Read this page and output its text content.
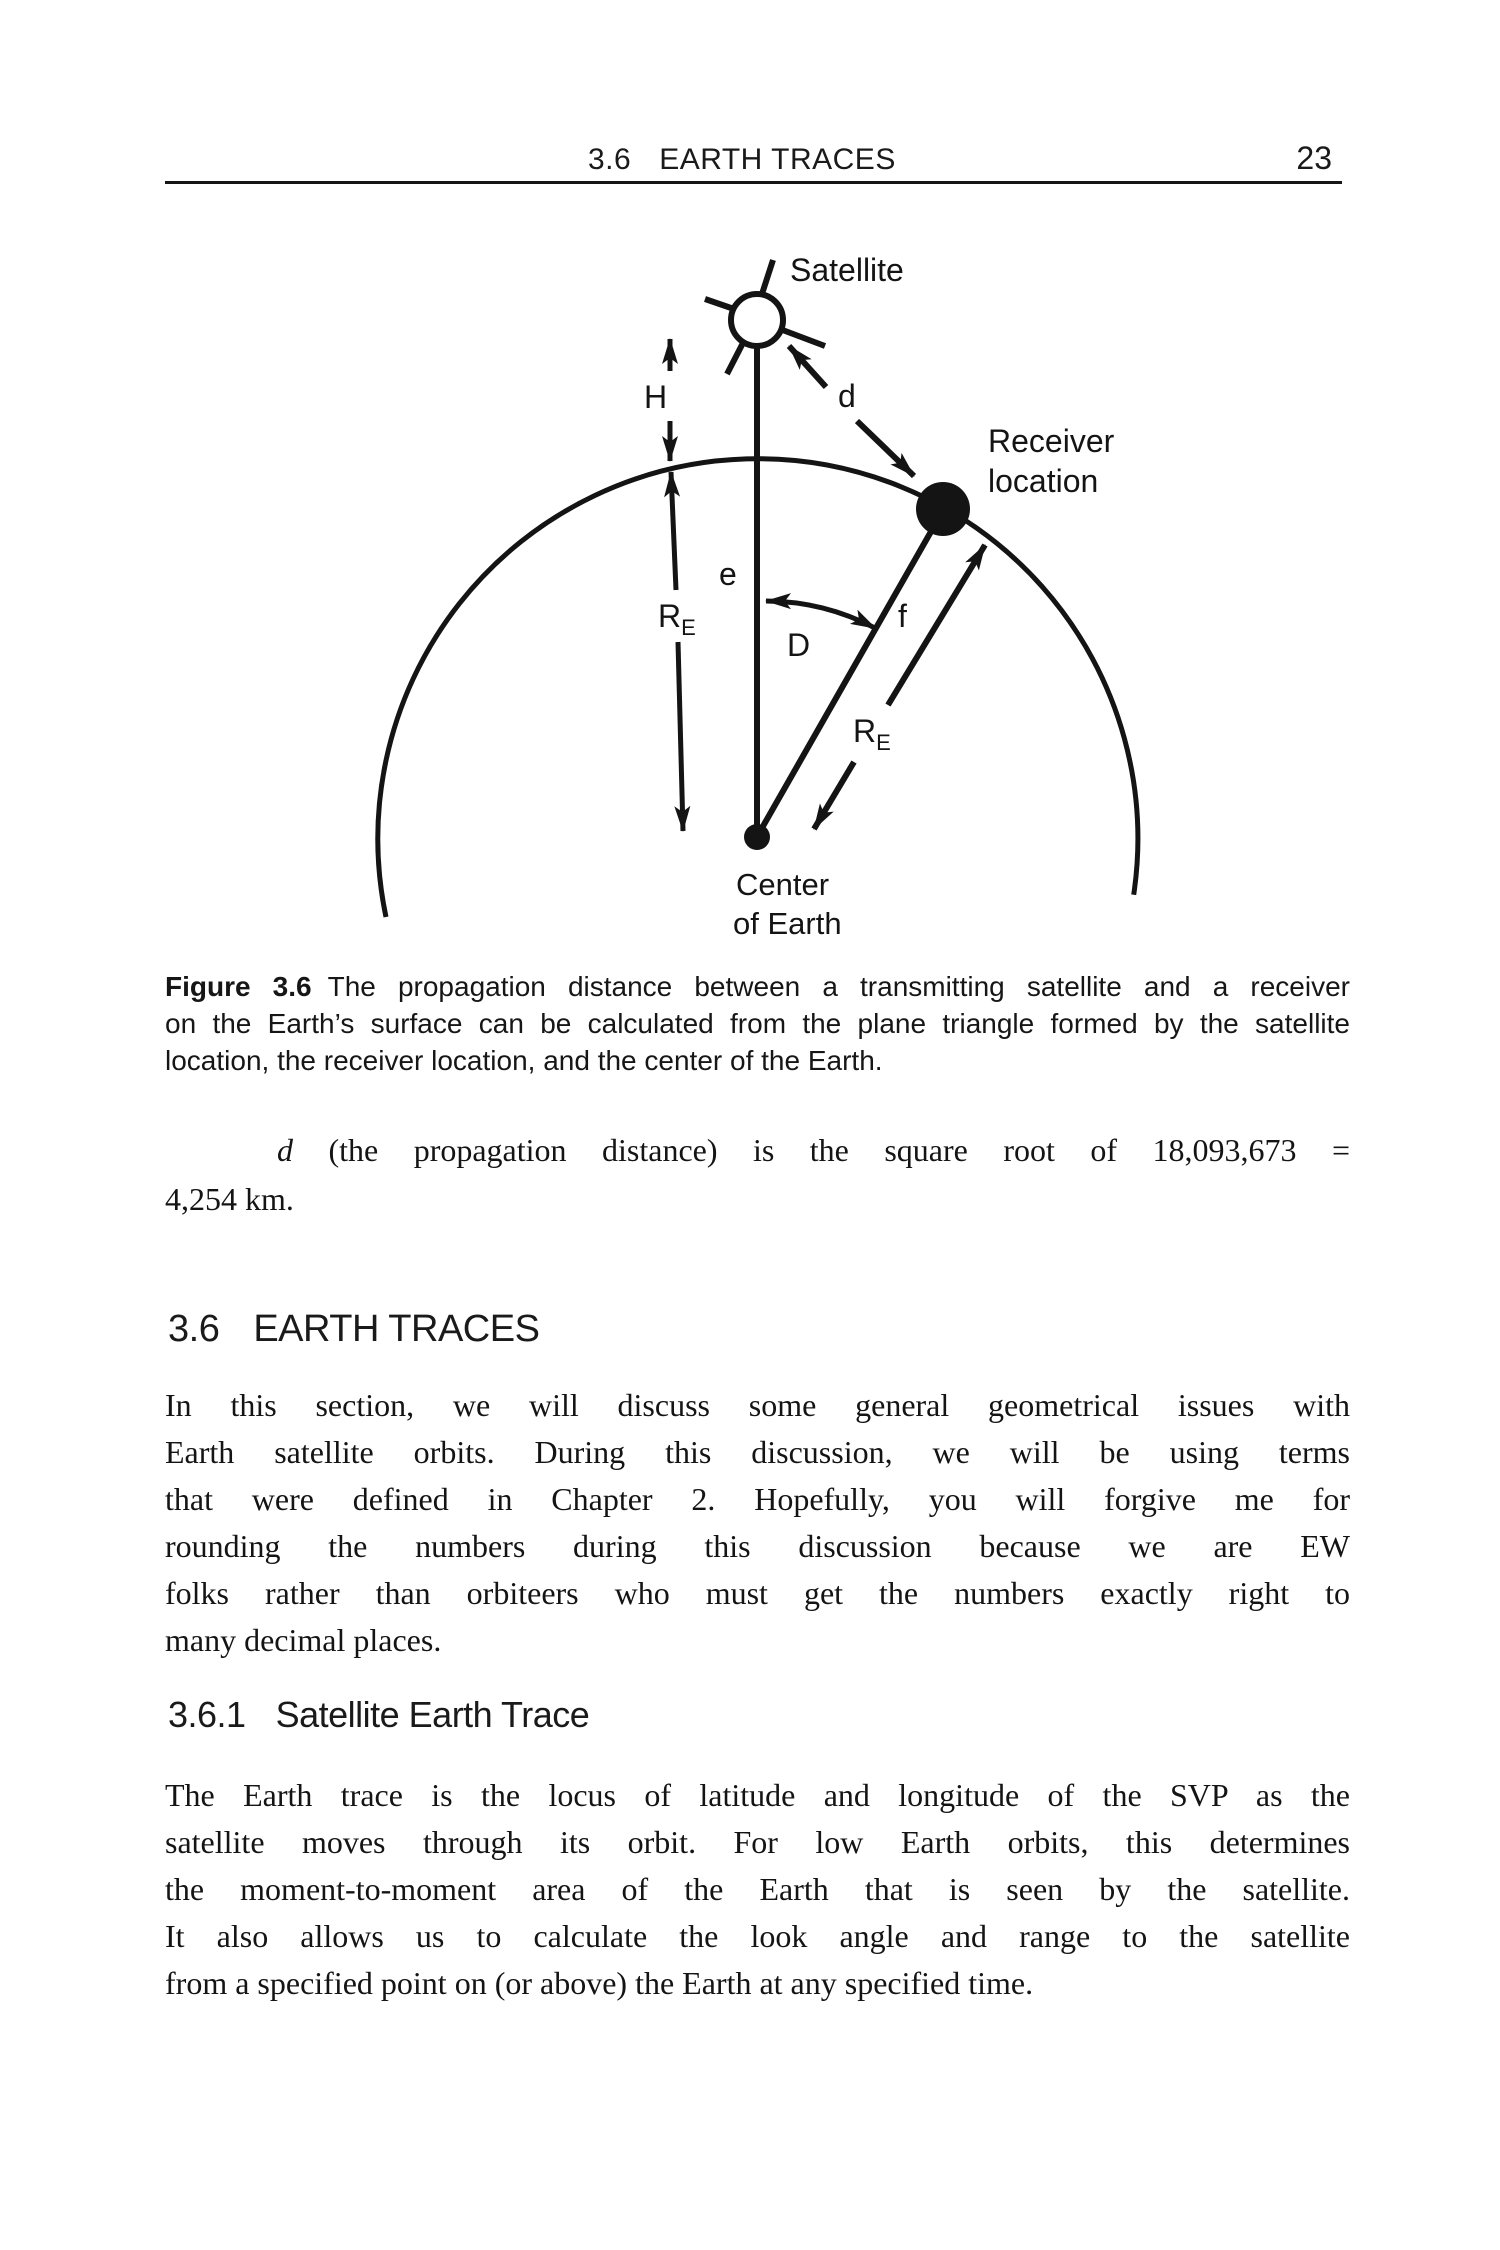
3.6 EARTH TRACES	23
Satellite
H	d
Receiver
location
e
$R_E$	D
f
$R_E$
Center
of Earth
Figure 3.6 The propagation distance between a transmitting satellite and a receiver
on the Earth’s surface can be calculated from the plane triangle formed by the satellite
location, the receiver location, and the center of the Earth.
d (the propagation distance) is the square root of 18,093,673 =
4,254 km.
3.6 EARTH TRACES
In this section, we will discuss some general geometrical issues with
Earth satellite orbits. During this discussion, we will be using terms
that were defined in Chapter 2. Hopefully, you will forgive me for
rounding the numbers during this discussion because we are EW
folks rather than orbiteers who must get the numbers exactly right to
many decimal places.
3.6.1 Satellite Earth Trace
The Earth trace is the locus of latitude and longitude of the SVP as the
satellite moves through its orbit. For low Earth orbits, this determines
the moment-to-moment area of the Earth that is seen by the satellite.
It also allows us to calculate the look angle and range to the satellite
from a specified point on (or above) the Earth at any specified time.
